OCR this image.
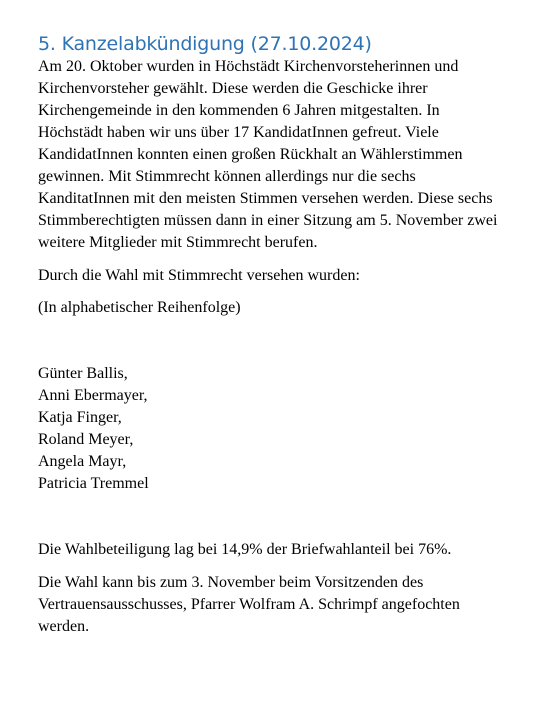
5. Kanzelabkündigung (27.10.2024)

Am 20. Oktober wurden in Höchstädt Kirchenvorsteherinnen und Kirchenvorsteher gewählt. Diese werden die Geschicke ihrer Kirchengemeinde in den kommenden 6 Jahren mitgestalten. In Höchstädt haben wir uns über 17 KandidatInnen gefreut. Viele KandidatInnen konnten einen großen Rückhalt an Wählerstimmen gewinnen. Mit Stimmrecht können allerdings nur die sechs KanditatInnen mit den meisten Stimmen versehen werden. Diese sechs Stimmberechtigten müssen dann in einer Sitzung am 5. November zwei weitere Mitglieder mit Stimmrecht berufen.

Durch die Wahl mit Stimmrecht versehen wurden:

(In alphabetischer Reihenfolge)

Günter Ballis,
Anni Ebermayer,
Katja Finger,
Roland Meyer,
Angela Mayr,
Patricia Tremmel

Die Wahlbeteiligung lag bei 14,9% der Briefwahlanteil bei 76%.

Die Wahl kann bis zum 3. November beim Vorsitzenden des Vertrauensausschusses, Pfarrer Wolfram A. Schrimpf angefochten werden.
